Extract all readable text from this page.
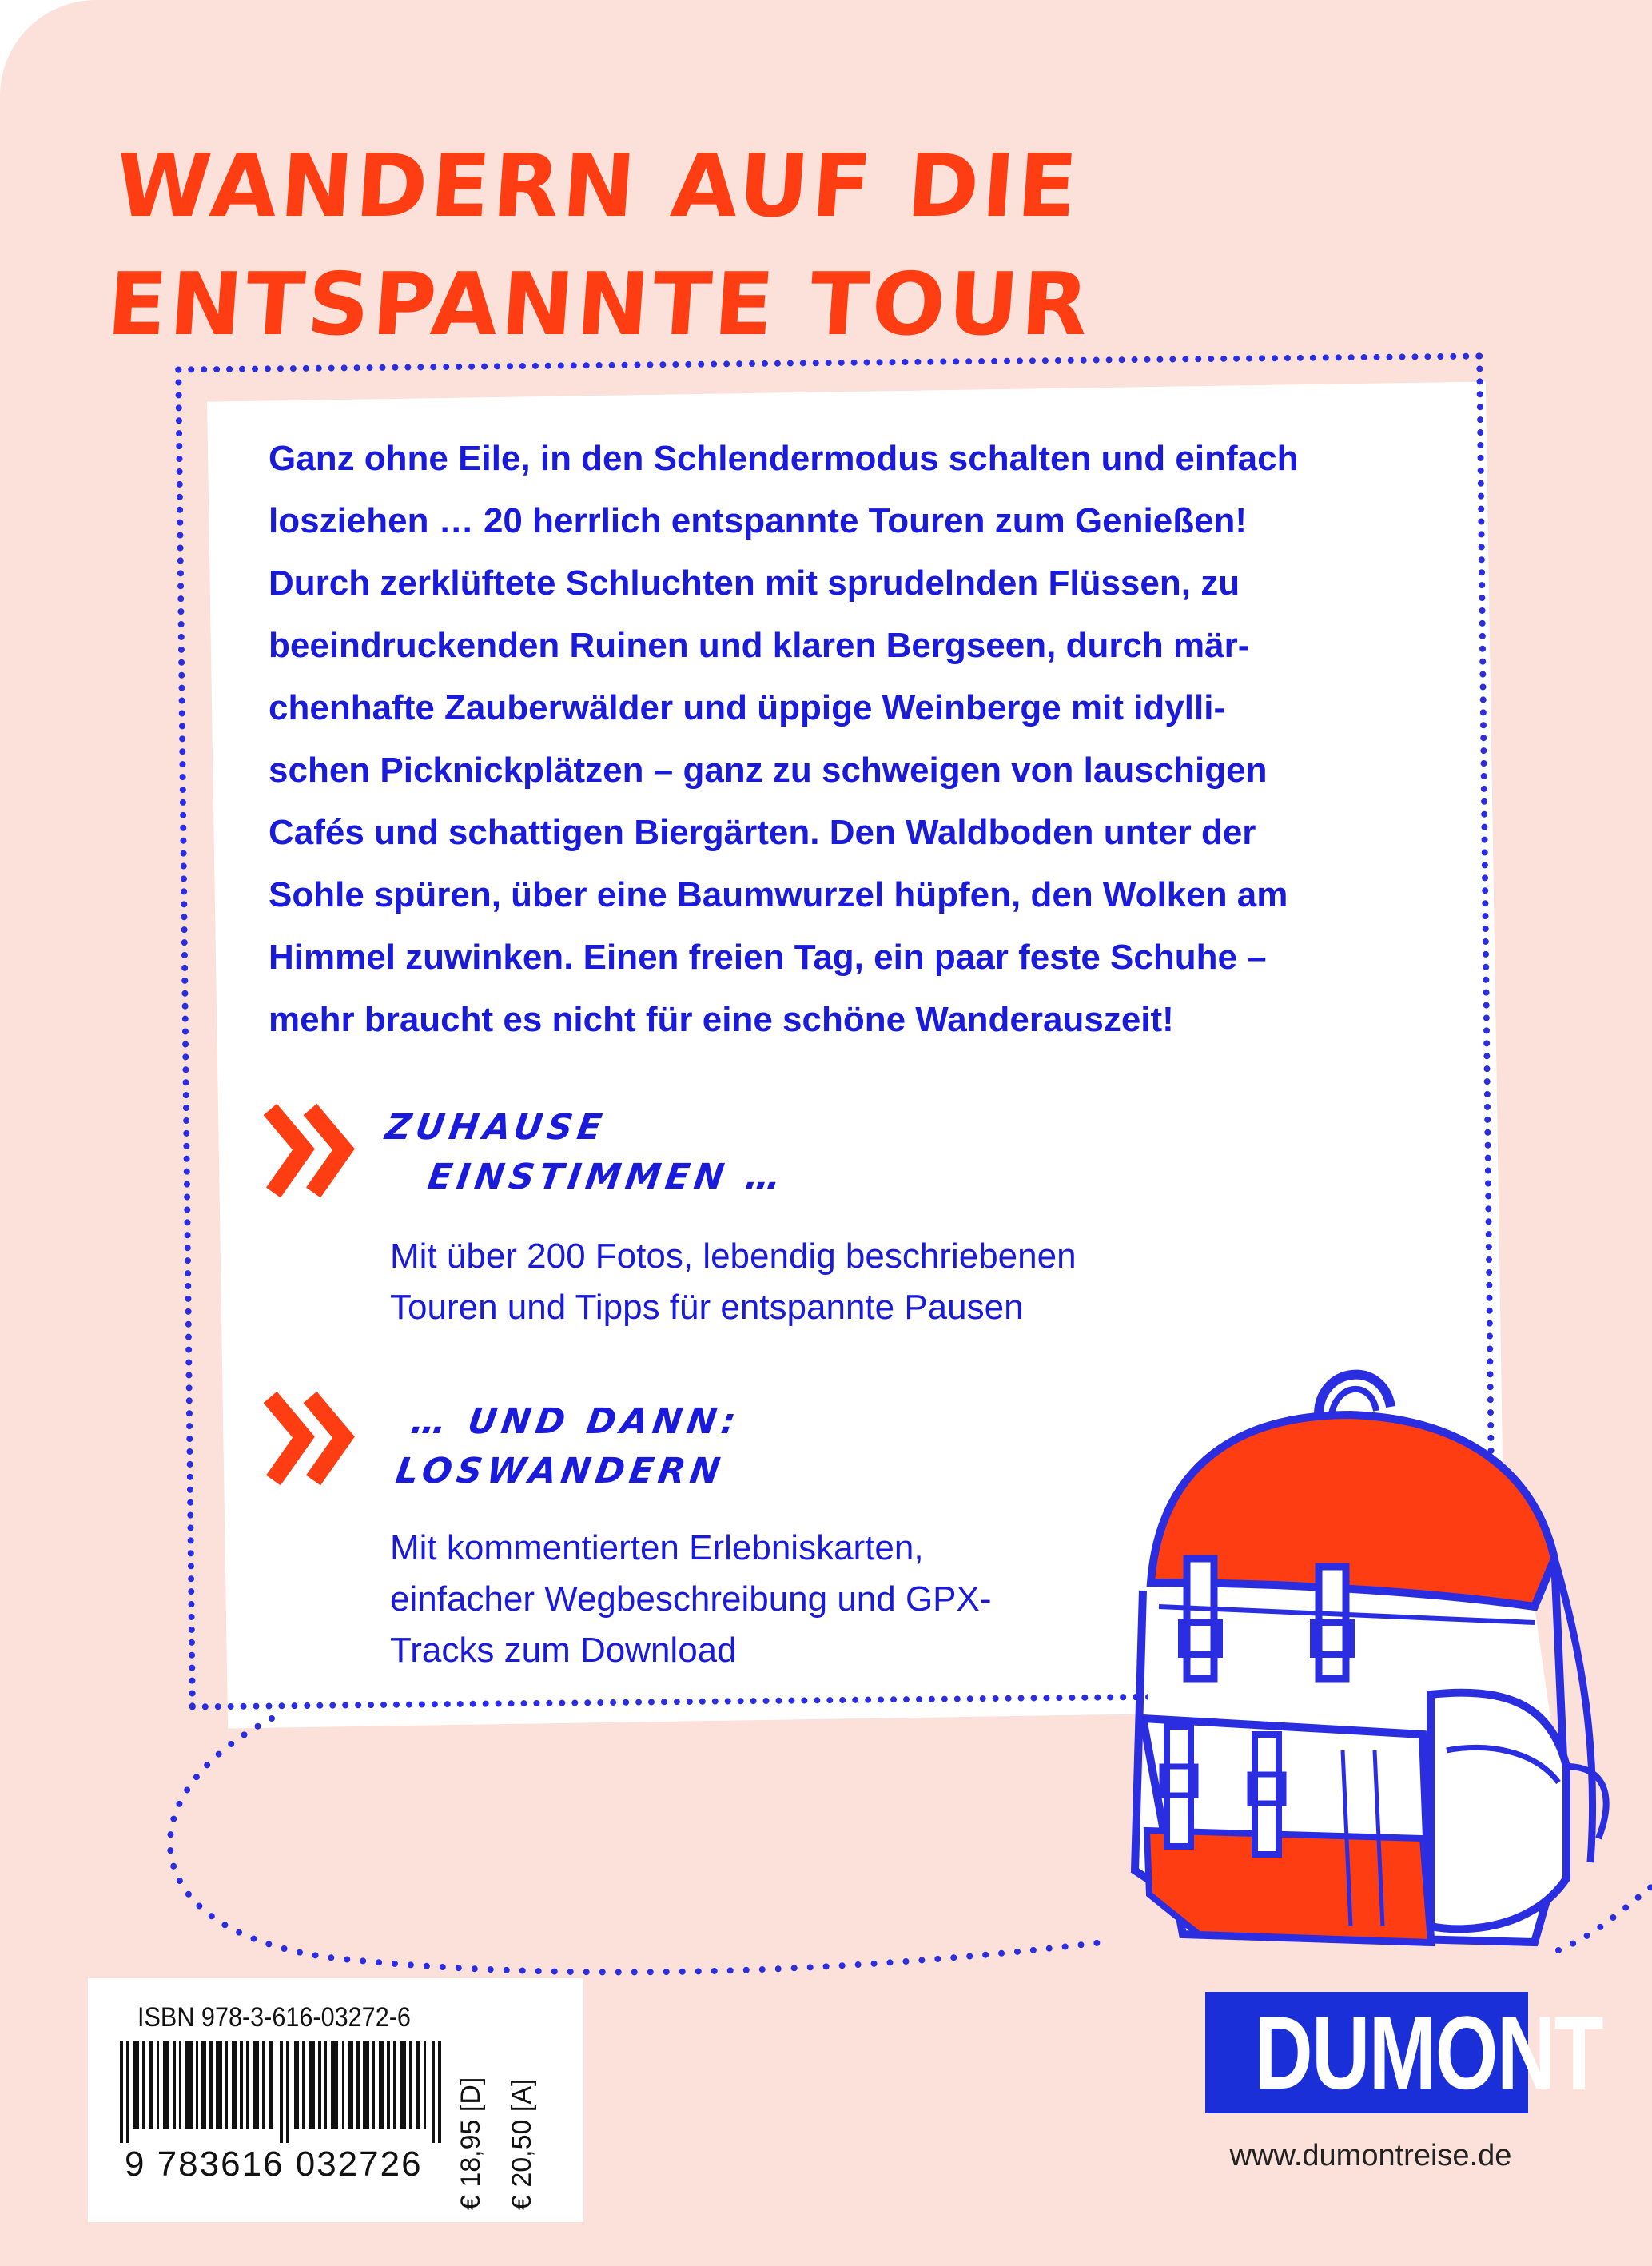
WANDERN AUF DIE
ENTSPANNTE TOUR
Ganz ohne Eile, in den Schlendermodus schalten und einfach
losziehen … 20 herrlich entspannte Touren zum Genießen!
Durch zerklüftete Schluchten mit sprudelnden Flüssen, zu
beeindruckenden Ruinen und klaren Bergseen, durch mär-
chenhafte Zauberwälder und üppige Weinberge mit idylli-
schen Picknickplätzen – ganz zu schweigen von lauschigen
Cafés und schattigen Biergärten. Den Waldboden unter der
Sohle spüren, über eine Baumwurzel hüpfen, den Wolken am
Himmel zuwinken. Einen freien Tag, ein paar feste Schuhe –
mehr braucht es nicht für eine schöne Wanderauszeit!
ZUHAUSE
EINSTIMMEN …
Mit über 200 Fotos, lebendig beschriebenen
Touren und Tipps für entspannte Pausen
… UND DANN:
LOSWANDERN
Mit kommentierten Erlebniskarten,
einfacher Wegbeschreibung und GPX-
Tracks zum Download
ISBN 978-3-616-03272-6
9 783616 032726 € 18,95 [D] € 20,50 [A]
DUMONT
www.dumontreise.de
